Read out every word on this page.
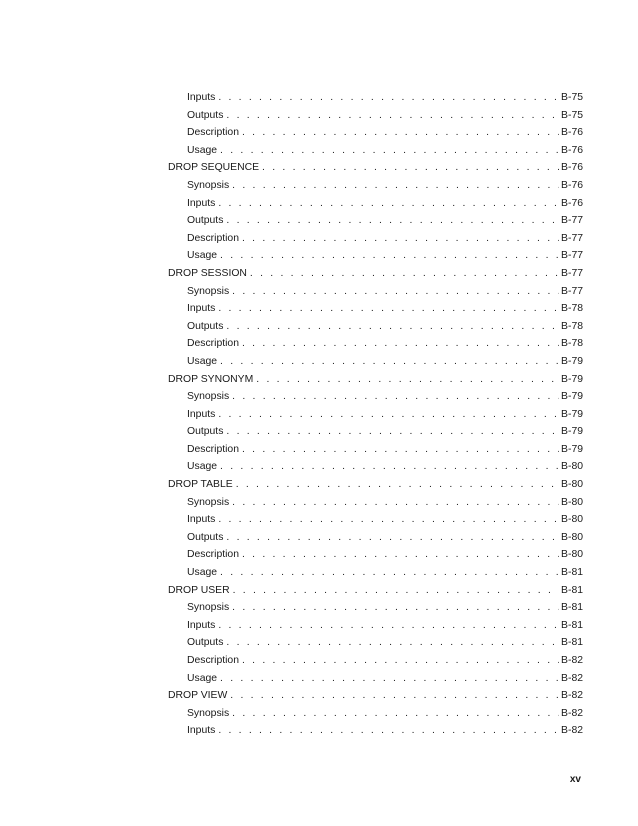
Inputs . . .	B-75
Outputs . . .	B-75
Description . . .	B-76
Usage . . .	B-76
DROP SEQUENCE . . .	B-76
Synopsis . . .	B-76
Inputs . . .	B-76
Outputs . . .	B-77
Description . . .	B-77
Usage . . .	B-77
DROP SESSION . . .	B-77
Synopsis . . .	B-77
Inputs . . .	B-78
Outputs . . .	B-78
Description . . .	B-78
Usage . . .	B-79
DROP SYNONYM . . .	B-79
Synopsis . . .	B-79
Inputs . . .	B-79
Outputs . . .	B-79
Description . . .	B-79
Usage . . .	B-80
DROP TABLE . . .	B-80
Synopsis . . .	B-80
Inputs . . .	B-80
Outputs . . .	B-80
Description . . .	B-80
Usage . . .	B-81
DROP USER . . .	B-81
Synopsis . . .	B-81
Inputs . . .	B-81
Outputs . . .	B-81
Description . . .	B-82
Usage . . .	B-82
DROP VIEW . . .	B-82
Synopsis . . .	B-82
Inputs . . .	B-82
xv
